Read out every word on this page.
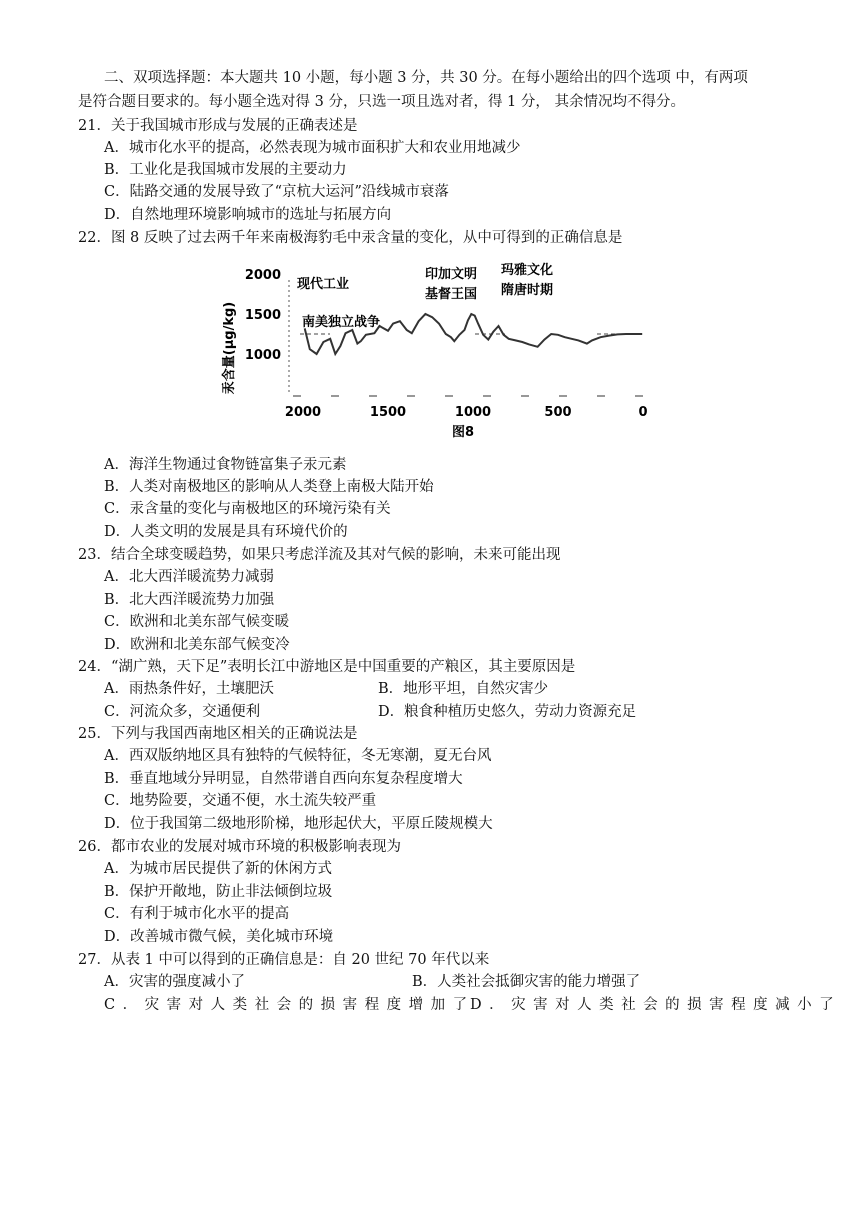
二、双项选择题：本大题共 10 小题，每小题 3 分，共 30 分。在每小题给出的四个选项 中，有两项
是符合题目要求的。每小题全选对得 3 分，只选一项且选对者，得 1 分， 其余情况均不得分。
21．关于我国城市形成与发展的正确表述是
A．城市化水平的提高，必然表现为城市面积扩大和农业用地减少
B．工业化是我国城市发展的主要动力
C．陆路交通的发展导致了“京杭大运河”沿线城市衰落
D．自然地理环境影响城市的选址与拓展方向
22．图 8 反映了过去两千年来南极海豹毛中汞含量的变化，从中可得到的正确信息是
汞含量(μg/kg)
2000
1500
1000
2000	1500	1000	500	0
现代工业
南美独立战争
印加文明
基督王国
玛雅文化
隋唐时期
图8
A．海洋生物通过食物链富集子汞元素
B．人类对南极地区的影响从人类登上南极大陆开始
C．汞含量的变化与南极地区的环境污染有关
D．人类文明的发展是具有环境代价的
23．结合全球变暖趋势，如果只考虑洋流及其对气候的影响，未来可能出现
A．北大西洋暖流势力减弱
B．北大西洋暖流势力加强
C．欧洲和北美东部气候变暖
D．欧洲和北美东部气候变冷
24．“湖广熟，天下足”表明长江中游地区是中国重要的产粮区，其主要原因是
A．雨热条件好，土壤肥沃	B．地形平坦，自然灾害少
C．河流众多，交通便利	D．粮食种植历史悠久，劳动力资源充足
25．下列与我国西南地区相关的正确说法是
A．西双版纳地区具有独特的气候特征，冬无寒潮，夏无台风
B．垂直地域分异明显，自然带谱自西向东复杂程度增大
C．地势险要，交通不便，水土流失较严重
D．位于我国第二级地形阶梯，地形起伏大，平原丘陵规模大
26．都市农业的发展对城市环境的积极影响表现为
A．为城市居民提供了新的休闲方式
B．保护开敞地，防止非法倾倒垃圾
C．有利于城市化水平的提高
D．改善城市微气候，美化城市环境
27．从表 1 中可以得到的正确信息是：自 20 世纪 70 年代以来
A．灾害的强度减小了	B．人类社会抵御灾害的能力增强了
C．灾害对人类社会的损害程度增加了
D．灾害对人类社会的损害程度减小了
